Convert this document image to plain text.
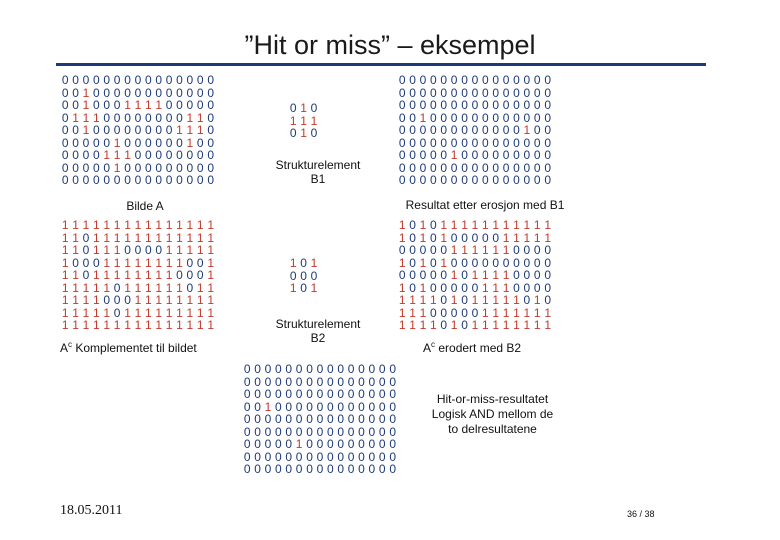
”Hit or miss” – eksempel
0 0 0 0 0 0 0 0 0 0 0 0 0 0 0
0 0 1 0 0 0 0 0 0 0 0 0 0 0 0
0 0 1 0 0 0 1 1 1 1 0 0 0 0 0
0 1 1 1 0 0 0 0 0 0 0 0 1 1 0
0 0 1 0 0 0 0 0 0 0 0 1 1 1 0
0 0 0 0 0 1 0 0 0 0 0 0 1 0 0
0 0 0 0 1 1 1 0 0 0 0 0 0 0 0
0 0 0 0 0 1 0 0 0 0 0 0 0 0 0
0 0 0 0 0 0 0 0 0 0 0 0 0 0 0
0 1 0
1 1 1
0 1 0
0 0 0 0 0 0 0 0 0 0 0 0 0 0 0
0 0 0 0 0 0 0 0 0 0 0 0 0 0 0
0 0 0 0 0 0 0 0 0 0 0 0 0 0 0
0 0 1 0 0 0 0 0 0 0 0 0 0 0 0
0 0 0 0 0 0 0 0 0 0 0 0 1 0 0
0 0 0 0 0 0 0 0 0 0 0 0 0 0 0
0 0 0 0 0 1 0 0 0 0 0 0 0 0 0
0 0 0 0 0 0 0 0 0 0 0 0 0 0 0
0 0 0 0 0 0 0 0 0 0 0 0 0 0 0
1 1 1 1 1 1 1 1 1 1 1 1 1 1 1
1 1 0 1 1 1 1 1 1 1 1 1 1 1 1
1 1 0 1 1 1 0 0 0 0 1 1 1 1 1
1 0 0 0 1 1 1 1 1 1 1 1 0 0 1
1 1 0 1 1 1 1 1 1 1 1 0 0 0 1
1 1 1 1 1 0 1 1 1 1 1 1 0 1 1
1 1 1 1 0 0 0 1 1 1 1 1 1 1 1
1 1 1 1 1 0 1 1 1 1 1 1 1 1 1
1 1 1 1 1 1 1 1 1 1 1 1 1 1 1
1 0 1
0 0 0
1 0 1
1 0 1 0 1 1 1 1 1 1 1 1 1 1 1
1 0 1 0 1 0 0 0 0 0 1 1 1 1 1
0 0 0 0 0 1 1 1 1 1 1 0 0 0 0
1 0 1 0 1 0 0 0 0 0 0 0 0 0 0
0 0 0 0 0 1 0 1 1 1 1 0 0 0 0
1 0 1 0 0 0 0 0 1 1 1 0 0 0 0
1 1 1 1 0 1 0 1 1 1 1 1 0 1 0
1 1 1 0 0 0 0 0 1 1 1 1 1 1 1
1 1 1 1 0 1 0 1 1 1 1 1 1 1 1
0 0 0 0 0 0 0 0 0 0 0 0 0 0 0
0 0 0 0 0 0 0 0 0 0 0 0 0 0 0
0 0 0 0 0 0 0 0 0 0 0 0 0 0 0
0 0 1 0 0 0 0 0 0 0 0 0 0 0 0
0 0 0 0 0 0 0 0 0 0 0 0 0 0 0
0 0 0 0 0 0 0 0 0 0 0 0 0 0 0
0 0 0 0 0 1 0 0 0 0 0 0 0 0 0
0 0 0 0 0 0 0 0 0 0 0 0 0 0 0
0 0 0 0 0 0 0 0 0 0 0 0 0 0 0
Strukturelement
B1
Bilde A	Resultat etter erosjon med B1
Strukturelement
B2
$A^c$ Komplementet til bildet	$A^c$ erodert med B2
Hit-or-miss-resultatet
Logisk AND mellom de
to delresultatene
18.05.2011	36 / 38
